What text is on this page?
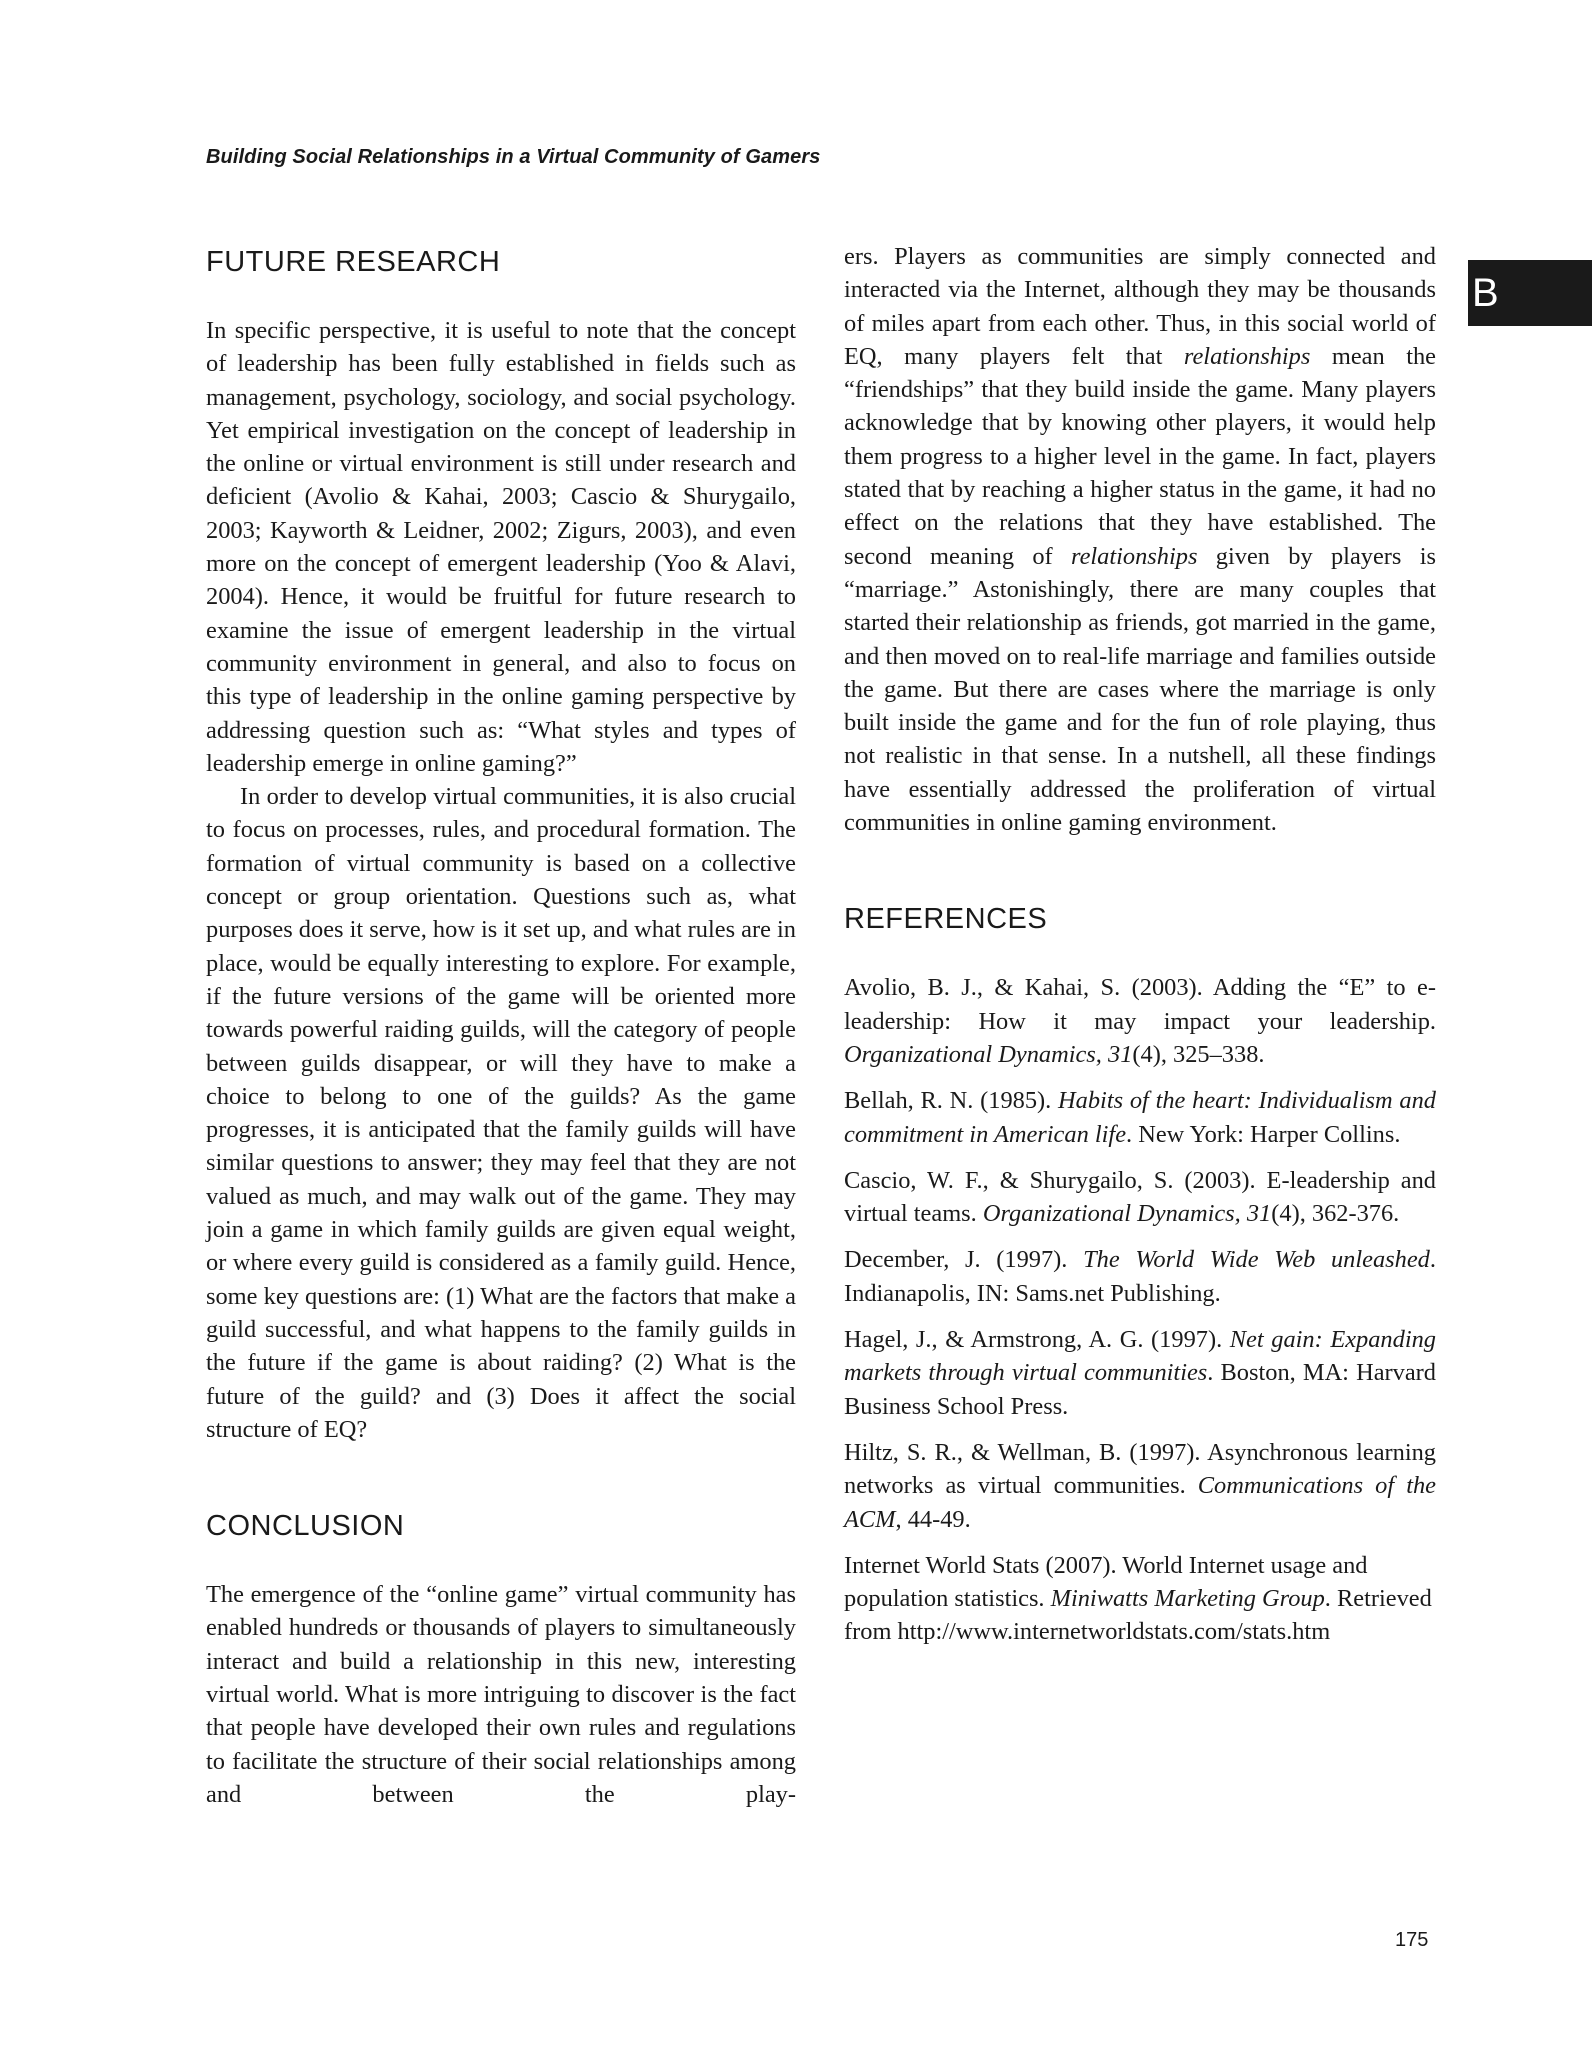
Building Social Relationships in a Virtual Community of Gamers
B
FUTURE RESEARCH

In specific perspective, it is useful to note that the concept of leadership has been fully established in fields such as management, psychology, sociology, and social psychology. Yet empirical investigation on the concept of leadership in the online or virtual environment is still under research and deficient (Avolio & Kahai, 2003; Cascio & Shurygailo, 2003; Kayworth & Leidner, 2002; Zigurs, 2003), and even more on the concept of emergent leadership (Yoo & Alavi, 2004). Hence, it would be fruitful for future research to examine the issue of emergent leadership in the virtual community environment in general, and also to focus on this type of leadership in the online gaming perspective by addressing question such as: “What styles and types of leadership emerge in online gaming?”

In order to develop virtual communities, it is also crucial to focus on processes, rules, and procedural formation. The formation of virtual community is based on a collective concept or group orientation. Questions such as, what purposes does it serve, how is it set up, and what rules are in place, would be equally interesting to explore. For example, if the future versions of the game will be oriented more towards powerful raiding guilds, will the category of people between guilds disappear, or will they have to make a choice to belong to one of the guilds? As the game progresses, it is anticipated that the family guilds will have similar questions to answer; they may feel that they are not valued as much, and may walk out of the game. They may join a game in which family guilds are given equal weight, or where every guild is considered as a family guild. Hence, some key questions are: (1) What are the factors that make a guild successful, and what happens to the family guilds in the future if the game is about raiding? (2) What is the future of the guild? and (3) Does it affect the social structure of EQ?

CONCLUSION

The emergence of the “online game” virtual community has enabled hundreds or thousands of players to simultaneously interact and build a relationship in this new, interesting virtual world. What is more intriguing to discover is the fact that people have developed their own rules and regulations to facilitate the structure of their social relationships among and between the play-

ers. Players as communities are simply connected and interacted via the Internet, although they may be thousands of miles apart from each other. Thus, in this social world of EQ, many players felt that relationships mean the “friendships” that they build inside the game. Many players acknowledge that by knowing other players, it would help them progress to a higher level in the game. In fact, players stated that by reaching a higher status in the game, it had no effect on the relations that they have established. The second meaning of relationships given by players is “marriage.” Astonishingly, there are many couples that started their relationship as friends, got married in the game, and then moved on to real-life marriage and families outside the game. But there are cases where the marriage is only built inside the game and for the fun of role playing, thus not realistic in that sense. In a nutshell, all these findings have essentially addressed the proliferation of virtual communities in online gaming environment.

REFERENCES

Avolio, B. J., & Kahai, S. (2003). Adding the “E” to e-leadership: How it may impact your leadership. Organizational Dynamics, 31(4), 325–338.

Bellah, R. N. (1985). Habits of the heart: Individualism and commitment in American life. New York: Harper Collins.

Cascio, W. F., & Shurygailo, S. (2003). E-leadership and virtual teams. Organizational Dynamics, 31(4), 362-376.

December, J. (1997). The World Wide Web unleashed. Indianapolis, IN: Sams.net Publishing.

Hagel, J., & Armstrong, A. G. (1997). Net gain: Expanding markets through virtual communities. Boston, MA: Harvard Business School Press.

Hiltz, S. R., & Wellman, B. (1997). Asynchronous learning networks as virtual communities. Communications of the ACM, 44-49.

Internet World Stats (2007). World Internet usage and population statistics. Miniwatts Marketing Group. Retrieved from http://www.internetworldstats.com/stats.htm

175
